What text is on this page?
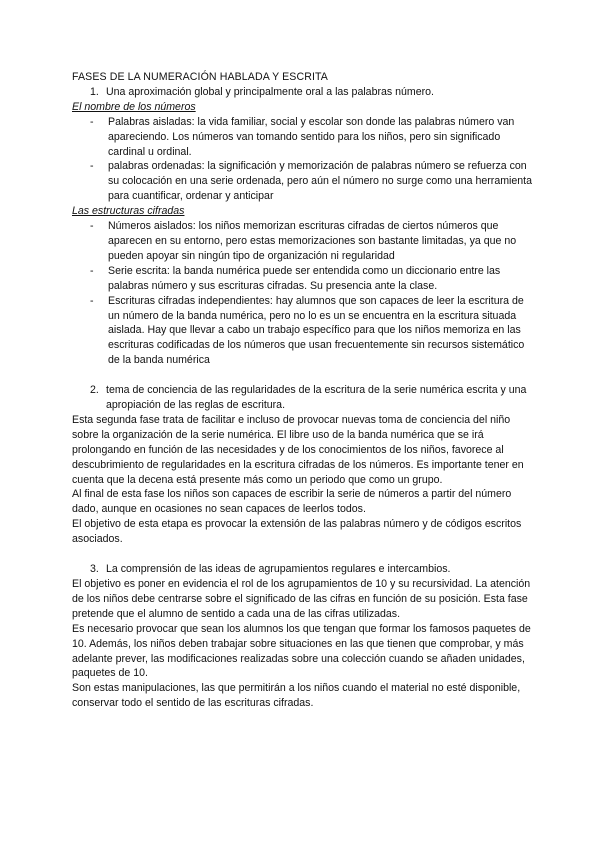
FASES DE LA NUMERACIÓN HABLADA Y ESCRITA

1. Una aproximación global y principalmente oral a las palabras número.

El nombre de los números

-	Palabras aisladas: la vida familiar, social y escolar son donde las palabras número van apareciendo. Los números van tomando sentido para los niños, pero sin significado cardinal u ordinal.
-	palabras ordenadas: la significación y memorización de palabras número se refuerza con su colocación en una serie ordenada, pero aún el número no surge como una herramienta para cuantificar, ordenar y anticipar

Las estructuras cifradas

-	Números aislados: los niños memorizan escrituras cifradas de ciertos números que aparecen en su entorno, pero estas memorizaciones son bastante limitadas, ya que no pueden apoyar sin ningún tipo de organización ni regularidad
-	Serie escrita: la banda numérica puede ser entendida como un diccionario entre las palabras número y sus escrituras cifradas. Su presencia ante la clase.
-	Escrituras cifradas independientes: hay alumnos que son capaces de leer la escritura de un número de la banda numérica, pero no lo es un se encuentra en la escritura situada aislada. Hay que llevar a cabo un trabajo específico para que los niños memoriza en las escrituras codificadas de los números que usan frecuentemente sin recursos sistemático de la banda numérica
2. tema de conciencia de las regularidades de la escritura de la serie numérica escrita y una apropiación de las reglas de escritura.

Esta segunda fase trata de facilitar e incluso de provocar nuevas toma de conciencia del niño sobre la organización de la serie numérica. El libre uso de la banda numérica que se irá prolongando en función de las necesidades y de los conocimientos de los niños, favorece al descubrimiento de regularidades en la escritura cifradas de los números. Es importante tener en cuenta que la decena está presente más como un periodo que como un grupo.

Al final de esta fase los niños son capaces de escribir la serie de números a partir del número dado, aunque en ocasiones no sean capaces de leerlos todos.

El objetivo de esta etapa es provocar la extensión de las palabras número y de códigos escritos asociados.

3. La comprensión de las ideas de agrupamientos regulares e intercambios.

El objetivo es poner en evidencia el rol de los agrupamientos de 10 y su recursividad. La atención de los niños debe centrarse sobre el significado de las cifras en función de su posición. Esta fase pretende que el alumno de sentido a cada una de las cifras utilizadas.

Es necesario provocar que sean los alumnos los que tengan que formar los famosos paquetes de 10. Además, los niños deben trabajar sobre situaciones en las que tienen que comprobar, y más adelante prever, las modificaciones realizadas sobre una colección cuando se añaden unidades, paquetes de 10.

Son estas manipulaciones, las que permitirán a los niños cuando el material no esté disponible, conservar todo el sentido de las escrituras cifradas.
